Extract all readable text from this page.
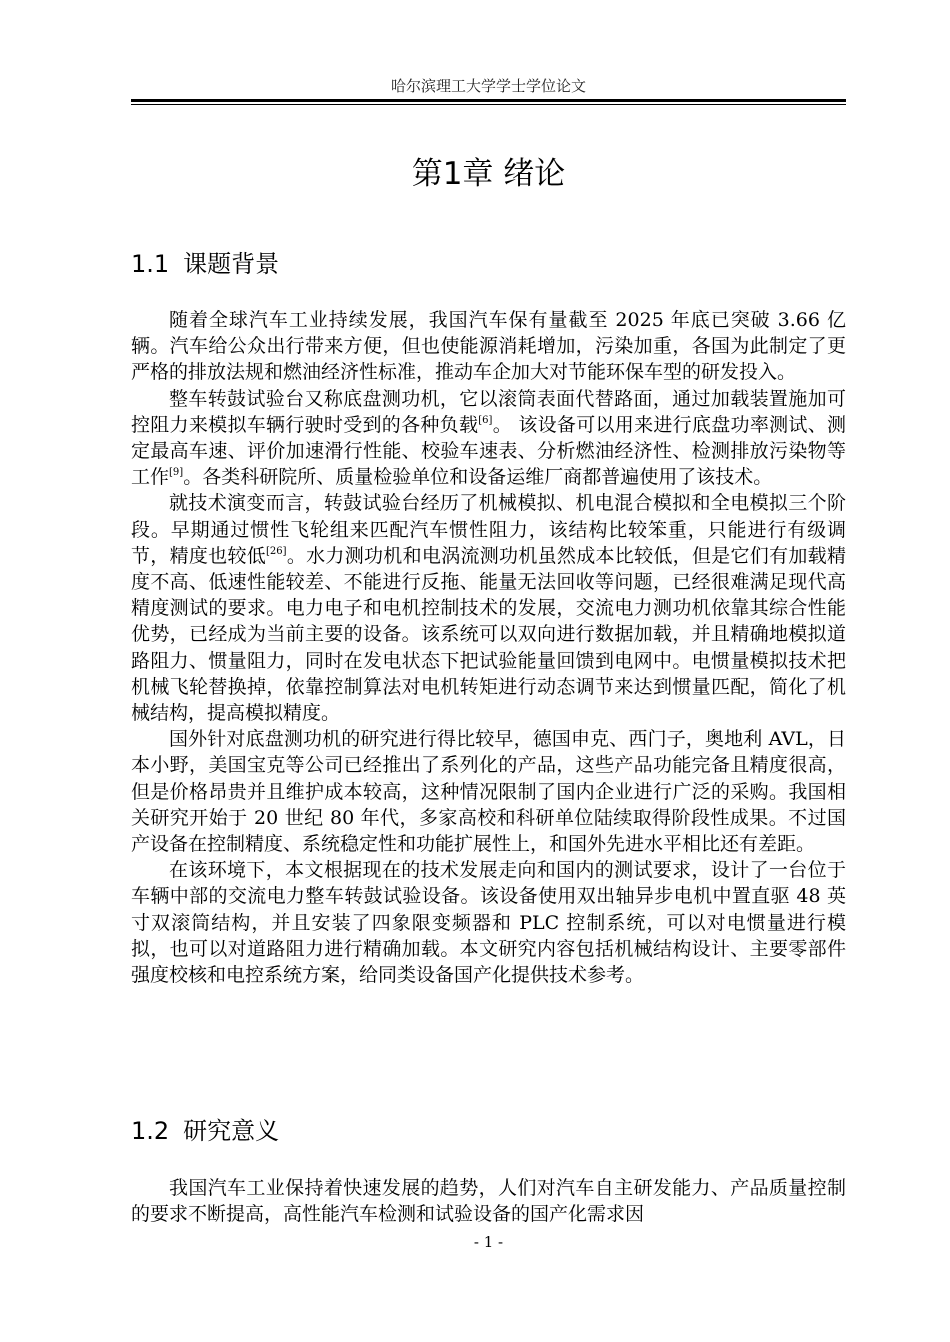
哈尔滨理工大学学士学位论文
第1章 绪论
1.1 课题背景

随着全球汽车工业持续发展，我国汽车保有量截至 2025 年底已突破 3.66 亿辆。汽车给公众出行带来方便，但也使能源消耗增加，污染加重，各国为此制定了更严格的排放法规和燃油经济性标准，推动车企加大对节能环保车型的研发投入。

整车转鼓试验台又称底盘测功机，它以滚筒表面代替路面，通过加载装置施加可控阻力来模拟车辆行驶时受到的各种负载[6]。 该设备可以用来进行底盘功率测试、测定最高车速、评价加速滑行性能、校验车速表、分析燃油经济性、检测排放污染物等工作[9]。各类科研院所、质量检验单位和设备运维厂商都普遍使用了该技术。

就技术演变而言，转鼓试验台经历了机械模拟、机电混合模拟和全电模拟三个阶段。早期通过惯性飞轮组来匹配汽车惯性阻力，该结构比较笨重，只能进行有级调节，精度也较低[26]。水力测功机和电涡流测功机虽然成本比较低，但是它们有加载精度不高、低速性能较差、不能进行反拖、能量无法回收等问题，已经很难满足现代高精度测试的要求。电力电子和电机控制技术的发展，交流电力测功机依靠其综合性能优势，已经成为当前主要的设备。该系统可以双向进行数据加载，并且精确地模拟道路阻力、惯量阻力，同时在发电状态下把试验能量回馈到电网中。电惯量模拟技术把机械飞轮替换掉，依靠控制算法对电机转矩进行动态调节来达到惯量匹配，简化了机械结构，提高模拟精度。

国外针对底盘测功机的研究进行得比较早，德国申克、西门子，奥地利 AVL，日本小野，美国宝克等公司已经推出了系列化的产品，这些产品功能完备且精度很高，但是价格昂贵并且维护成本较高，这种情况限制了国内企业进行广泛的采购。我国相关研究开始于 20 世纪 80 年代，多家高校和科研单位陆续取得阶段性成果。不过国产设备在控制精度、系统稳定性和功能扩展性上，和国外先进水平相比还有差距。

在该环境下，本文根据现在的技术发展走向和国内的测试要求，设计了一台位于车辆中部的交流电力整车转鼓试验设备。该设备使用双出轴异步电机中置直驱 48 英寸双滚筒结构，并且安装了四象限变频器和 PLC 控制系统，可以对电惯量进行模拟，也可以对道路阻力进行精确加载。本文研究内容包括机械结构设计、主要零部件强度校核和电控系统方案，给同类设备国产化提供技术参考。

1.2 研究意义

我国汽车工业保持着快速发展的趋势，人们对汽车自主研发能力、产品质量控制的要求不断提高，高性能汽车检测和试验设备的国产化需求因

- 1 -
